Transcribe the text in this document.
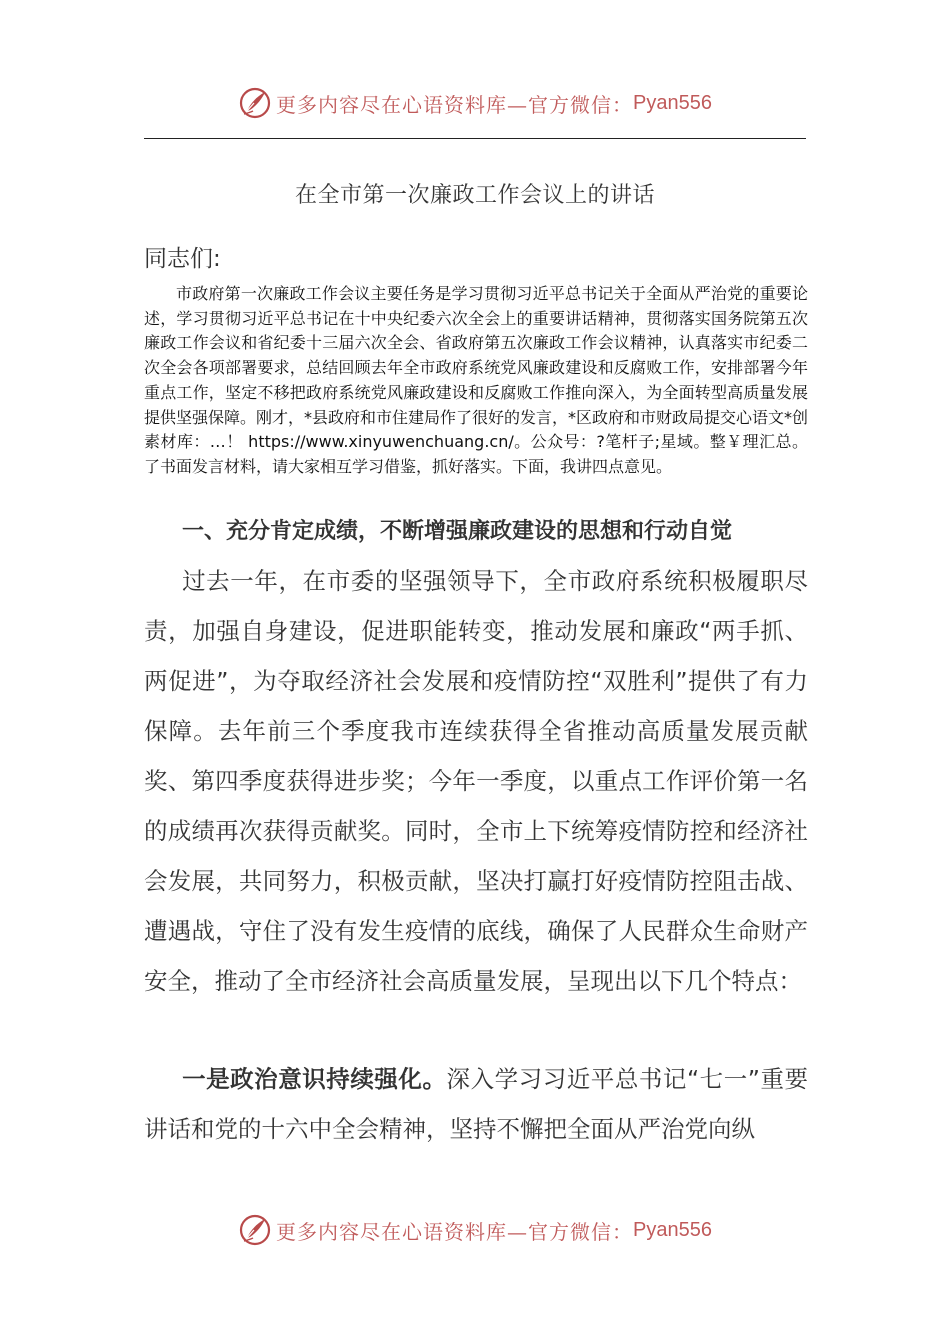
更多内容尽在心语资料库—官方微信： Pyan556
在全市第一次廉政工作会议上的讲话
同志们:

市政府第一次廉政工作会议主要任务是学习贯彻习近平总书记关于全面从严治党的重要论述，学习贯彻习近平总书记在十中央纪委六次全会上的重要讲话精神，贯彻落实国务院第五次廉政工作会议和省纪委十三届六次全会、省政府第五次廉政工作会议精神，认真落实市纪委二次全会各项部署要求，总结回顾去年全市政府系统党风廉政建设和反腐败工作，安排部署今年重点工作，坚定不移把政府系统党风廉政建设和反腐败工作推向深入，为全面转型高质量发展提供坚强保障。刚才，*县政府和市住建局作了很好的发言，*区政府和市财政局提交心语文*创素材库：…！ https://www.xinyuwenchuang.cn/。公众号：?笔杆子;星域。整￥理汇总。了书面发言材料，请大家相互学习借鉴，抓好落实。下面，我讲四点意见。

一、充分肯定成绩，不断增强廉政建设的思想和行动自觉

过去一年，在市委的坚强领导下，全市政府系统积极履职尽责，加强自身建设，促进职能转变，推动发展和廉政“两手抓、两促进”，为夺取经济社会发展和疫情防控“双胜利”提供了有力保障。去年前三个季度我市连续获得全省推动高质量发展贡献奖、第四季度获得进步奖；今年一季度，以重点工作评价第一名的成绩再次获得贡献奖。同时，全市上下统筹疫情防控和经济社会发展，共同努力，积极贡献，坚决打赢打好疫情防控阻击战、遭遇战，守住了没有发生疫情的底线，确保了人民群众生命财产安全，推动了全市经济社会高质量发展，呈现出以下几个特点：

一是政治意识持续强化。深入学习习近平总书记“七一”重要讲话和党的十六中全会精神，坚持不懈把全面从严治党向纵

更多内容尽在心语资料库—官方微信： Pyan556
